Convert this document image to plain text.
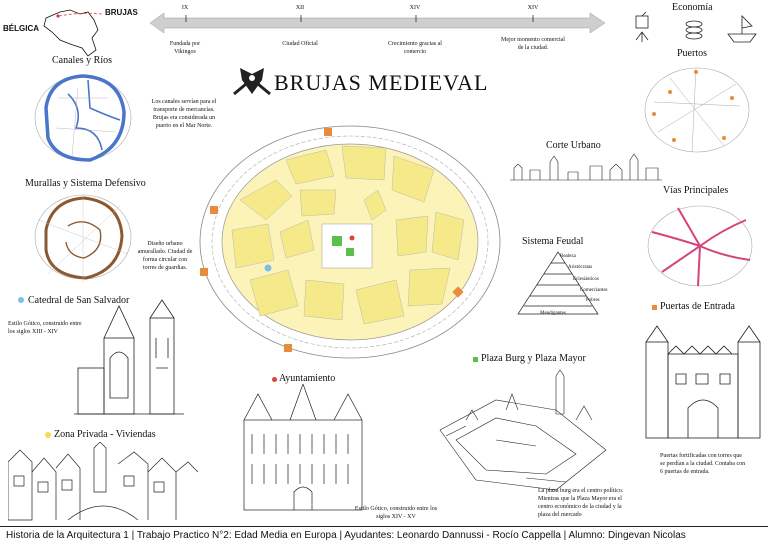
BÉLGICA
BRUJAS	IX	XII	XIV	XIV
Fundada por Vikingos
Ciudad Oficial	Crecimiento gracias al comercio
Mejor momento comercial de la ciudad.
BRUJAS MEDIEVAL
Canales y Ríos
Los canales servían para el transporte de mercancías. Brujas era considerada un puerto en el Mar Norte.
Murallas y Sistema Defensivo
Diseño urbano amurallado. Ciudad de forma circular con torres de guardias.
Catedral de San Salvador
Estilo Gótico, construido entre los siglos XIII - XIV
Zona Privada - Viviendas
Ayuntamiento
Estilo Gótico, construido entre los siglos XIV - XV
Plaza Burg y Plaza Mayor
La plaza burg era el centro político. Mientras que la Plaza Mayor era el centro económico de la ciudad y la plaza del mercado
Economía
Puertos
Corte Urbano
Vías Principales
Sistema Feudal
Realeza
Aristócratas
Eclesiásticos
Comerciantes
Pobres
Mendigantes
Puertas de Entrada
Puertas fortificadas con torres que se perdían a la ciudad. Contaba con 6 puertas de entrada.
Historia de la Arquitectura 1 | Trabajo Practico N°2: Edad Media en Europa | Ayudantes: Leonardo Dannussi - Rocío Cappella | Alumno: Dingevan Nicolas
